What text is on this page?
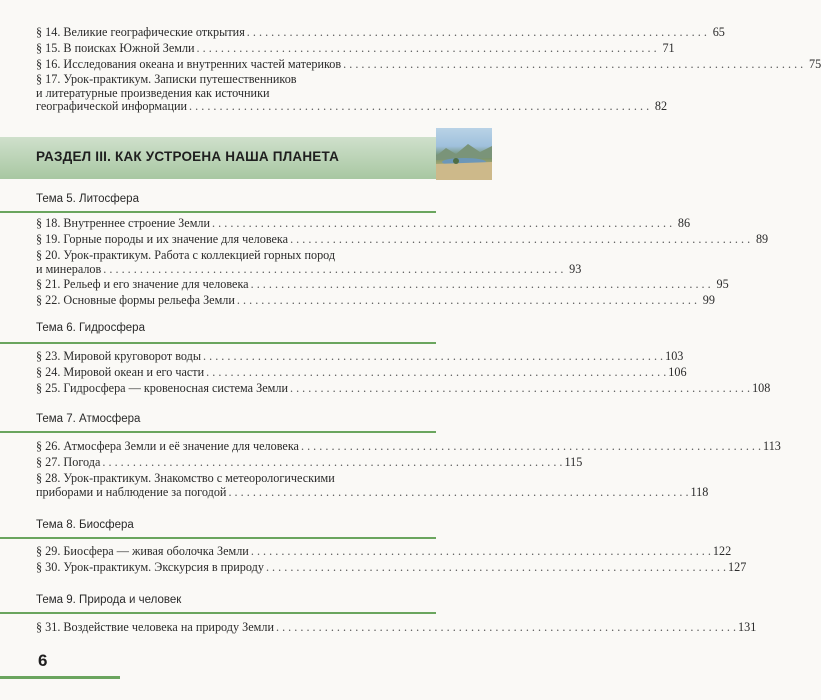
§ 14. Великие географические открытия . . . . . . . . . . . . . . . . . . . . . . . . . . . . . . . . . . . . . . . . . . . . . . . . . . . . . . . . . . . . . . . . . . . . . . . . . . . . 65
§ 15. В поисках Южной Земли . . . . . . . . . . . . . . . . . . . . . . . . . . . . . . . . . . . . . . . . . . . . . . . . . . . . . . . . . . . . . . . . . . . . . . . . . . . . 71
§ 16. Исследования океана и внутренних частей материков . . . . . . . . . . . . . . . . . . . . . . . . . . . . . . . . . . . . . . . . . . . . . . . . . . . . . . . . . . . . . . . . . . . . . . . . . . . . 75
§ 17. Урок-практикум. Записки путешественников
и литературные произведения как источники
географической информации . . . . . . . . . . . . . . . . . . . . . . . . . . . . . . . . . . . . . . . . . . . . . . . . . . . . . . . . . . . . . . . . . . . . . . . . . . . . 82
РАЗДЕЛ III. КАК УСТРОЕНА НАША ПЛАНЕТА
Тема 5. Литосфера
§ 18. Внутреннее строение Земли . . . . . . . . . . . . . . . . . . . . . . . . . . . . . . . . . . . . . . . . . . . . . . . . . . . . . . . . . . . . . . . . . . . . . . . . . . . . 86
§ 19. Горные породы и их значение для человека . . . . . . . . . . . . . . . . . . . . . . . . . . . . . . . . . . . . . . . . . . . . . . . . . . . . . . . . . . . . . . . . . . . . . . . . . . . . 89
§ 20. Урок-практикум. Работа с коллекцией горных пород
и минералов . . . . . . . . . . . . . . . . . . . . . . . . . . . . . . . . . . . . . . . . . . . . . . . . . . . . . . . . . . . . . . . . . . . . . . . . . . . . 93
§ 21. Рельеф и его значение для человека . . . . . . . . . . . . . . . . . . . . . . . . . . . . . . . . . . . . . . . . . . . . . . . . . . . . . . . . . . . . . . . . . . . . . . . . . . . . 95
§ 22. Основные формы рельефа Земли . . . . . . . . . . . . . . . . . . . . . . . . . . . . . . . . . . . . . . . . . . . . . . . . . . . . . . . . . . . . . . . . . . . . . . . . . . . . 99
Тема 6. Гидросфера
§ 23. Мировой круговорот воды . . . . . . . . . . . . . . . . . . . . . . . . . . . . . . . . . . . . . . . . . . . . . . . . . . . . . . . . . . . . . . . . . . . . . . . . . . . . 103
§ 24. Мировой океан и его части . . . . . . . . . . . . . . . . . . . . . . . . . . . . . . . . . . . . . . . . . . . . . . . . . . . . . . . . . . . . . . . . . . . . . . . . . . . . 106
§ 25. Гидросфера — кровеносная система Земли . . . . . . . . . . . . . . . . . . . . . . . . . . . . . . . . . . . . . . . . . . . . . . . . . . . . . . . . . . . . . . . . . . . . . . . . . . . . 108
Тема 7. Атмосфера
§ 26. Атмосфера Земли и её значение для человека . . . . . . . . . . . . . . . . . . . . . . . . . . . . . . . . . . . . . . . . . . . . . . . . . . . . . . . . . . . . . . . . . . . . . . . . . . . . 113
§ 27. Погода . . . . . . . . . . . . . . . . . . . . . . . . . . . . . . . . . . . . . . . . . . . . . . . . . . . . . . . . . . . . . . . . . . . . . . . . . . . . 115
§ 28. Урок-практикум. Знакомство с метеорологическими
приборами и наблюдение за погодой . . . . . . . . . . . . . . . . . . . . . . . . . . . . . . . . . . . . . . . . . . . . . . . . . . . . . . . . . . . . . . . . . . . . . . . . . . . . 118
Тема 8. Биосфера
§ 29. Биосфера — живая оболочка Земли . . . . . . . . . . . . . . . . . . . . . . . . . . . . . . . . . . . . . . . . . . . . . . . . . . . . . . . . . . . . . . . . . . . . . . . . . . . . 122
§ 30. Урок-практикум. Экскурсия в природу . . . . . . . . . . . . . . . . . . . . . . . . . . . . . . . . . . . . . . . . . . . . . . . . . . . . . . . . . . . . . . . . . . . . . . . . . . . . 127
Тема 9. Природа и человек
§ 31. Воздействие человека на природу Земли . . . . . . . . . . . . . . . . . . . . . . . . . . . . . . . . . . . . . . . . . . . . . . . . . . . . . . . . . . . . . . . . . . . . . . . . . . . . 131
6
